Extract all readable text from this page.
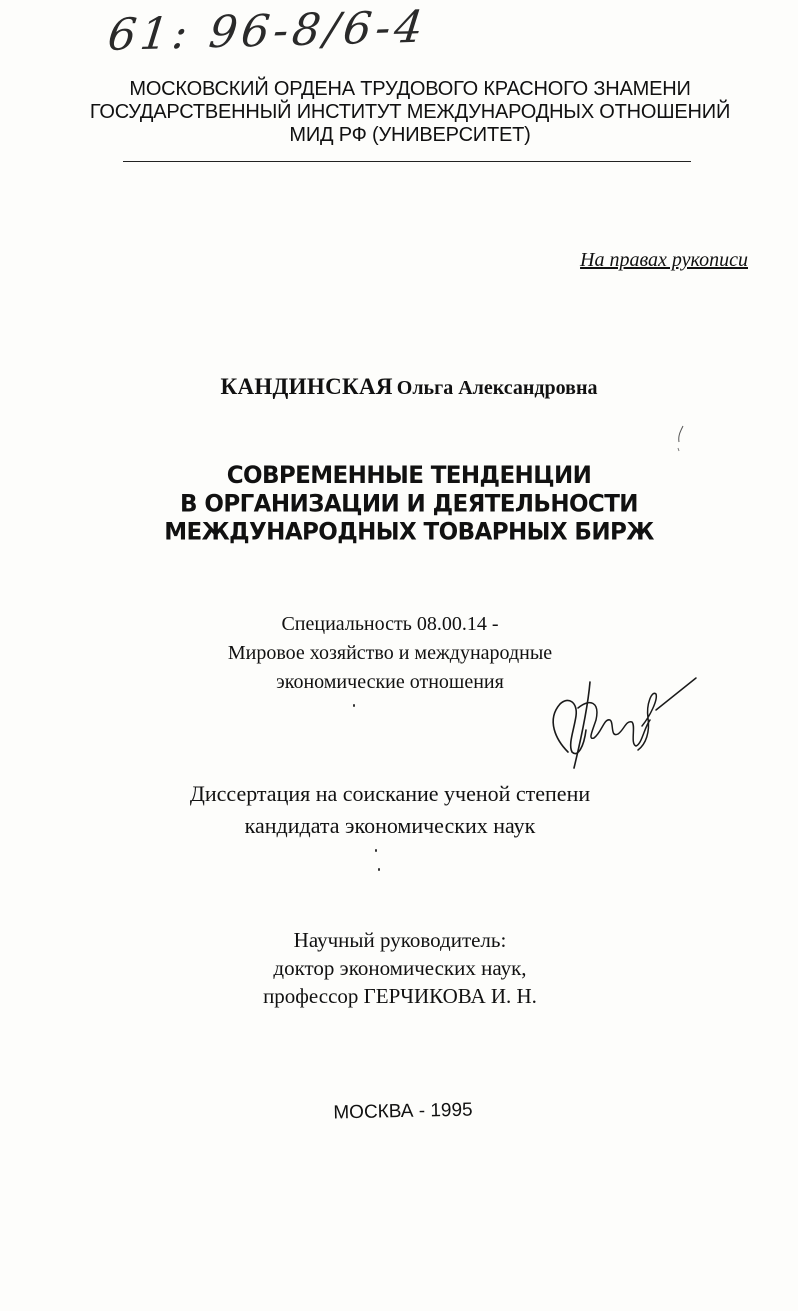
61: 96-8/6-4
МОСКОВСКИЙ ОРДЕНА ТРУДОВОГО КРАСНОГО ЗНАМЕНИ
ГОСУДАРСТВЕННЫЙ ИНСТИТУТ МЕЖДУНАРОДНЫХ ОТНОШЕНИЙ
МИД РФ (УНИВЕРСИТЕТ)
На правах рукописи
КАНДИНСКАЯ Ольга Александровна
СОВРЕМЕННЫЕ ТЕНДЕНЦИИ
В ОРГАНИЗАЦИИ И ДЕЯТЕЛЬНОСТИ
МЕЖДУНАРОДНЫХ ТОВАРНЫХ БИРЖ
Специальность 08.00.14 -
Мировое хозяйство и международные
экономические отношения
Диссертация на соискание ученой степени
кандидата экономических наук
Научный руководитель:
доктор экономических наук,
профессор ГЕРЧИКОВА И. Н.
МОСКВА - 1995
